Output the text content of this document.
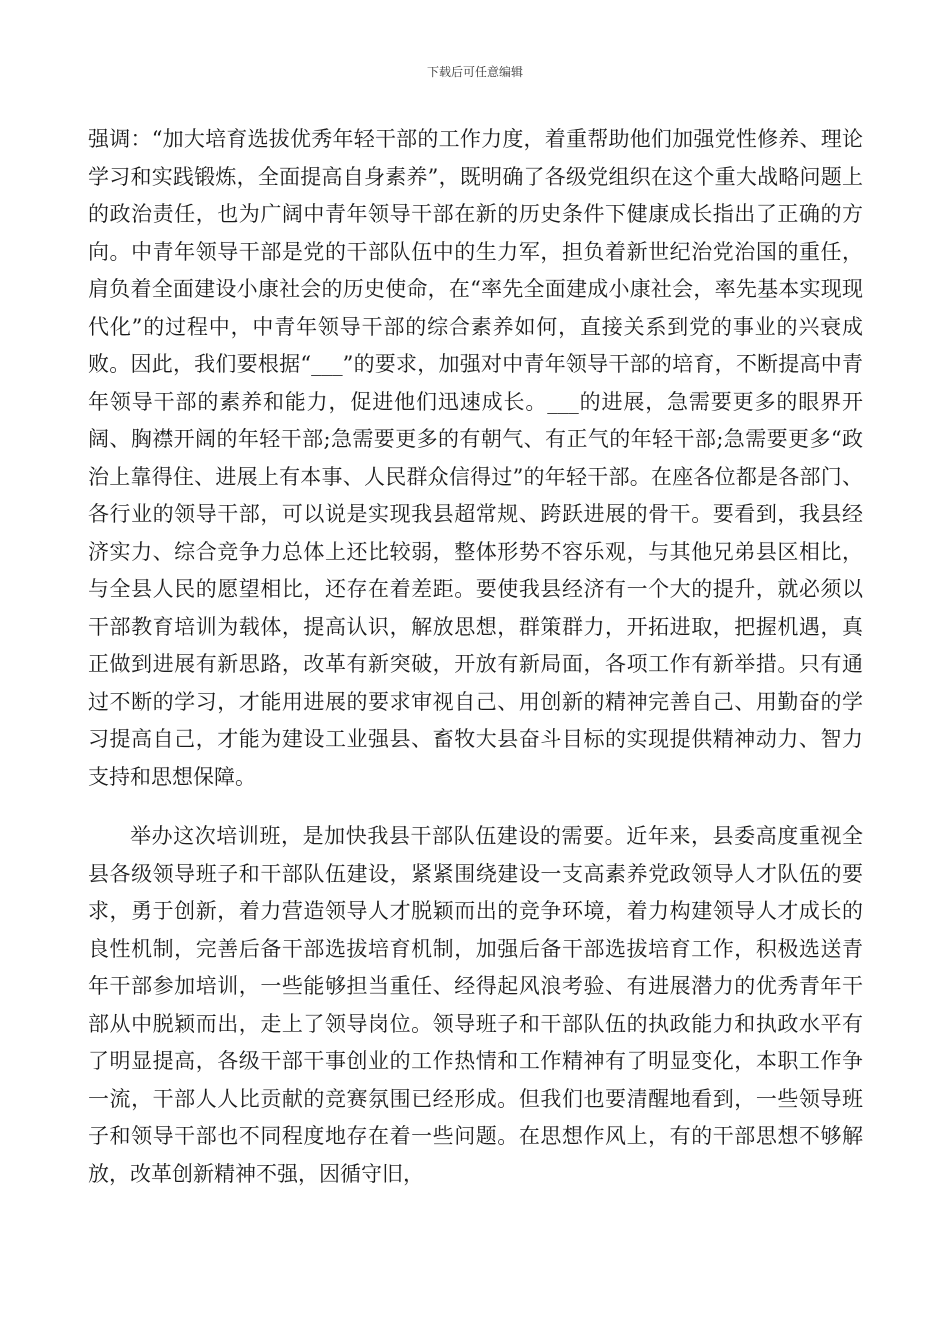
下载后可任意编辑

强调：“加大培育选拔优秀年轻干部的工作力度，着重帮助他们加强党性修养、理论学习和实践锻炼，全面提高自身素养”，既明确了各级党组织在这个重大战略问题上的政治责任，也为广阔中青年领导干部在新的历史条件下健康成长指出了正确的方向。中青年领导干部是党的干部队伍中的生力军，担负着新世纪治党治国的重任，肩负着全面建设小康社会的历史使命，在“率先全面建成小康社会，率先基本实现现代化”的过程中，中青年领导干部的综合素养如何，直接关系到党的事业的兴衰成败。因此，我们要根据“___”的要求，加强对中青年领导干部的培育，不断提高中青年领导干部的素养和能力，促进他们迅速成长。___的进展，急需要更多的眼界开阔、胸襟开阔的年轻干部;急需要更多的有朝气、有正气的年轻干部;急需要更多“政治上靠得住、进展上有本事、人民群众信得过”的年轻干部。在座各位都是各部门、各行业的领导干部，可以说是实现我县超常规、跨跃进展的骨干。要看到，我县经济实力、综合竞争力总体上还比较弱，整体形势不容乐观，与其他兄弟县区相比，与全县人民的愿望相比，还存在着差距。要使我县经济有一个大的提升，就必须以干部教育培训为载体，提高认识，解放思想，群策群力，开拓进取，把握机遇，真正做到进展有新思路，改革有新突破，开放有新局面，各项工作有新举措。只有通过不断的学习，才能用进展的要求审视自己、用创新的精神完善自己、用勤奋的学习提高自己，才能为建设工业强县、畜牧大县奋斗目标的实现提供精神动力、智力支持和思想保障。

举办这次培训班，是加快我县干部队伍建设的需要。近年来，县委高度重视全县各级领导班子和干部队伍建设，紧紧围绕建设一支高素养党政领导人才队伍的要求，勇于创新，着力营造领导人才脱颖而出的竞争环境，着力构建领导人才成长的良性机制，完善后备干部选拔培育机制，加强后备干部选拔培育工作，积极选送青年干部参加培训，一些能够担当重任、经得起风浪考验、有进展潜力的优秀青年干部从中脱颖而出，走上了领导岗位。领导班子和干部队伍的执政能力和执政水平有了明显提高，各级干部干事创业的工作热情和工作精神有了明显变化，本职工作争一流，干部人人比贡献的竞赛氛围已经形成。但我们也要清醒地看到，一些领导班子和领导干部也不同程度地存在着一些问题。在思想作风上，有的干部思想不够解放，改革创新精神不强，因循守旧，
